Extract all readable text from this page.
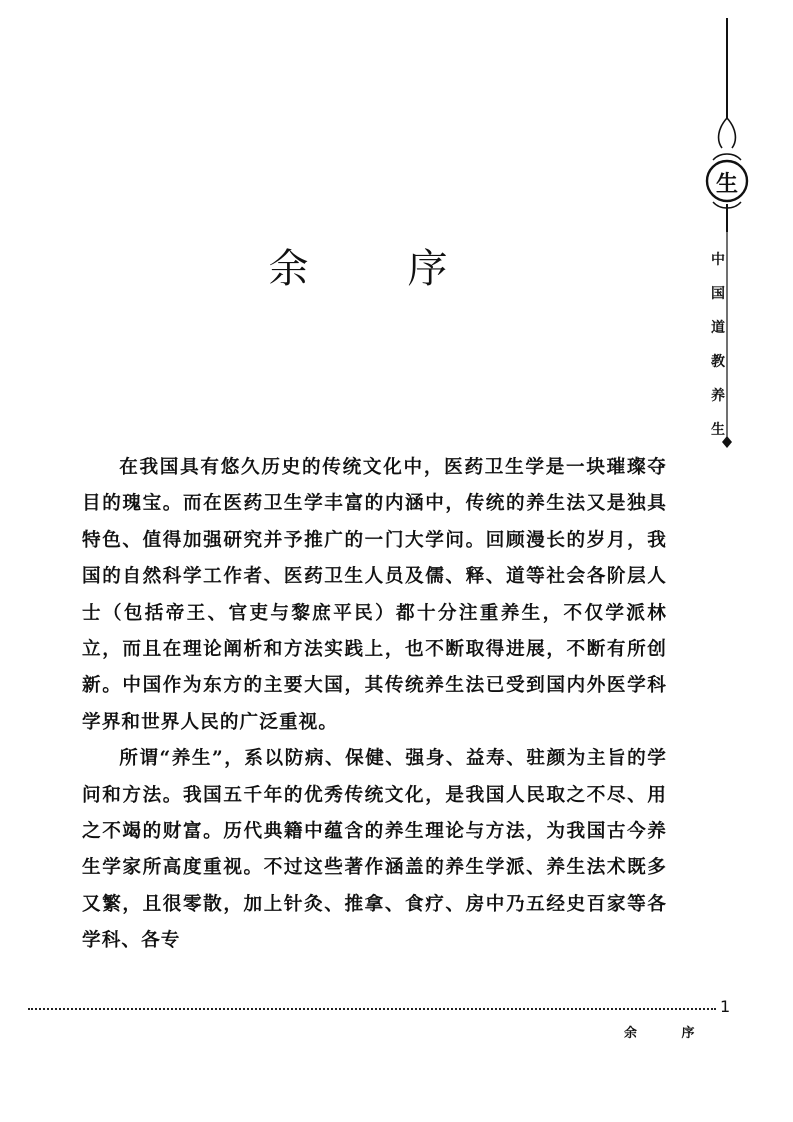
余 序
生
中
国
道
教
养
生

在我国具有悠久历史的传统文化中，医药卫生学是一块璀璨夺目的瑰宝。而在医药卫生学丰富的内涵中，传统的养生法又是独具特色、值得加强研究并予推广的一门大学问。回顾漫长的岁月，我国的自然科学工作者、医药卫生人员及儒、释、道等社会各阶层人士（包括帝王、官吏与黎庶平民）都十分注重养生，不仅学派林立，而且在理论阐析和方法实践上，也不断取得进展，不断有所创新。中国作为东方的主要大国，其传统养生法已受到国内外医学科学界和世界人民的广泛重视。

所谓“养生”，系以防病、保健、强身、益寿、驻颜为主旨的学问和方法。我国五千年的优秀传统文化，是我国人民取之不尽、用之不竭的财富。历代典籍中蕴含的养生理论与方法，为我国古今养生学家所高度重视。不过这些著作涵盖的养生学派、养生法术既多又繁，且很零散，加上针灸、推拿、食疗、房中乃五经史百家等各学科、各专

1
余 序
